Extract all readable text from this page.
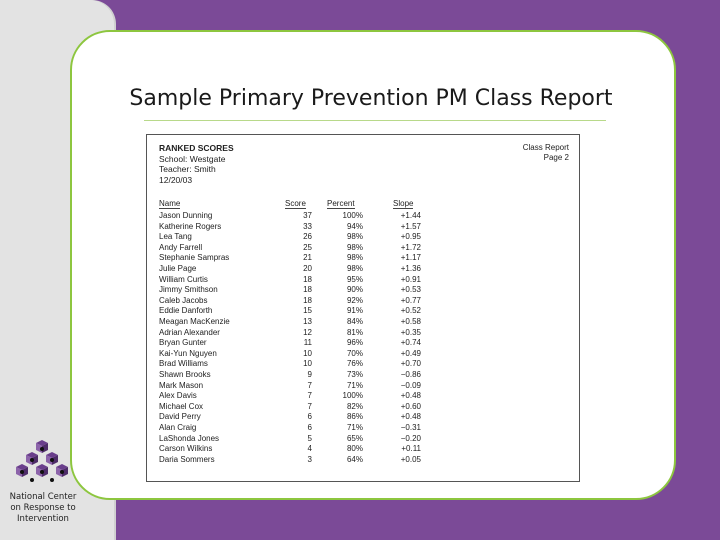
Sample Primary Prevention PM Class Report
RANKED SCORES
School: Westgate
Teacher: Smith
12/20/03
Class Report
Page 2
Name	Score	Percent	Slope
Jason Dunning	37	100%	+1.44
Katherine Rogers	33	94%	+1.57
Lea Tang	26	98%	+0.95
Andy Farrell	25	98%	+1.72
Stephanie Sampras	21	98%	+1.17
Julie Page	20	98%	+1.36
William Curtis	18	95%	+0.91
Jimmy Smithson	18	90%	+0.53
Caleb Jacobs	18	92%	+0.77
Eddie Danforth	15	91%	+0.52
Meagan MacKenzie	13	84%	+0.58
Adrian Alexander	12	81%	+0.35
Bryan Gunter	11	96%	+0.74
Kai-Yun Nguyen	10	70%	+0.49
Brad Williams	10	76%	+0.70
Shawn Brooks	9	73%	−0.86
Mark Mason	7	71%	−0.09
Alex Davis	7	100%	+0.48
Michael Cox	7	82%	+0.60
David Perry	6	86%	+0.48
Alan Craig	6	71%	−0.31
LaShonda Jones	5	65%	−0.20
Carson Wilkins	4	80%	+0.11
Daria Sommers	3	64%	+0.05
National Center
on Response to
Intervention
